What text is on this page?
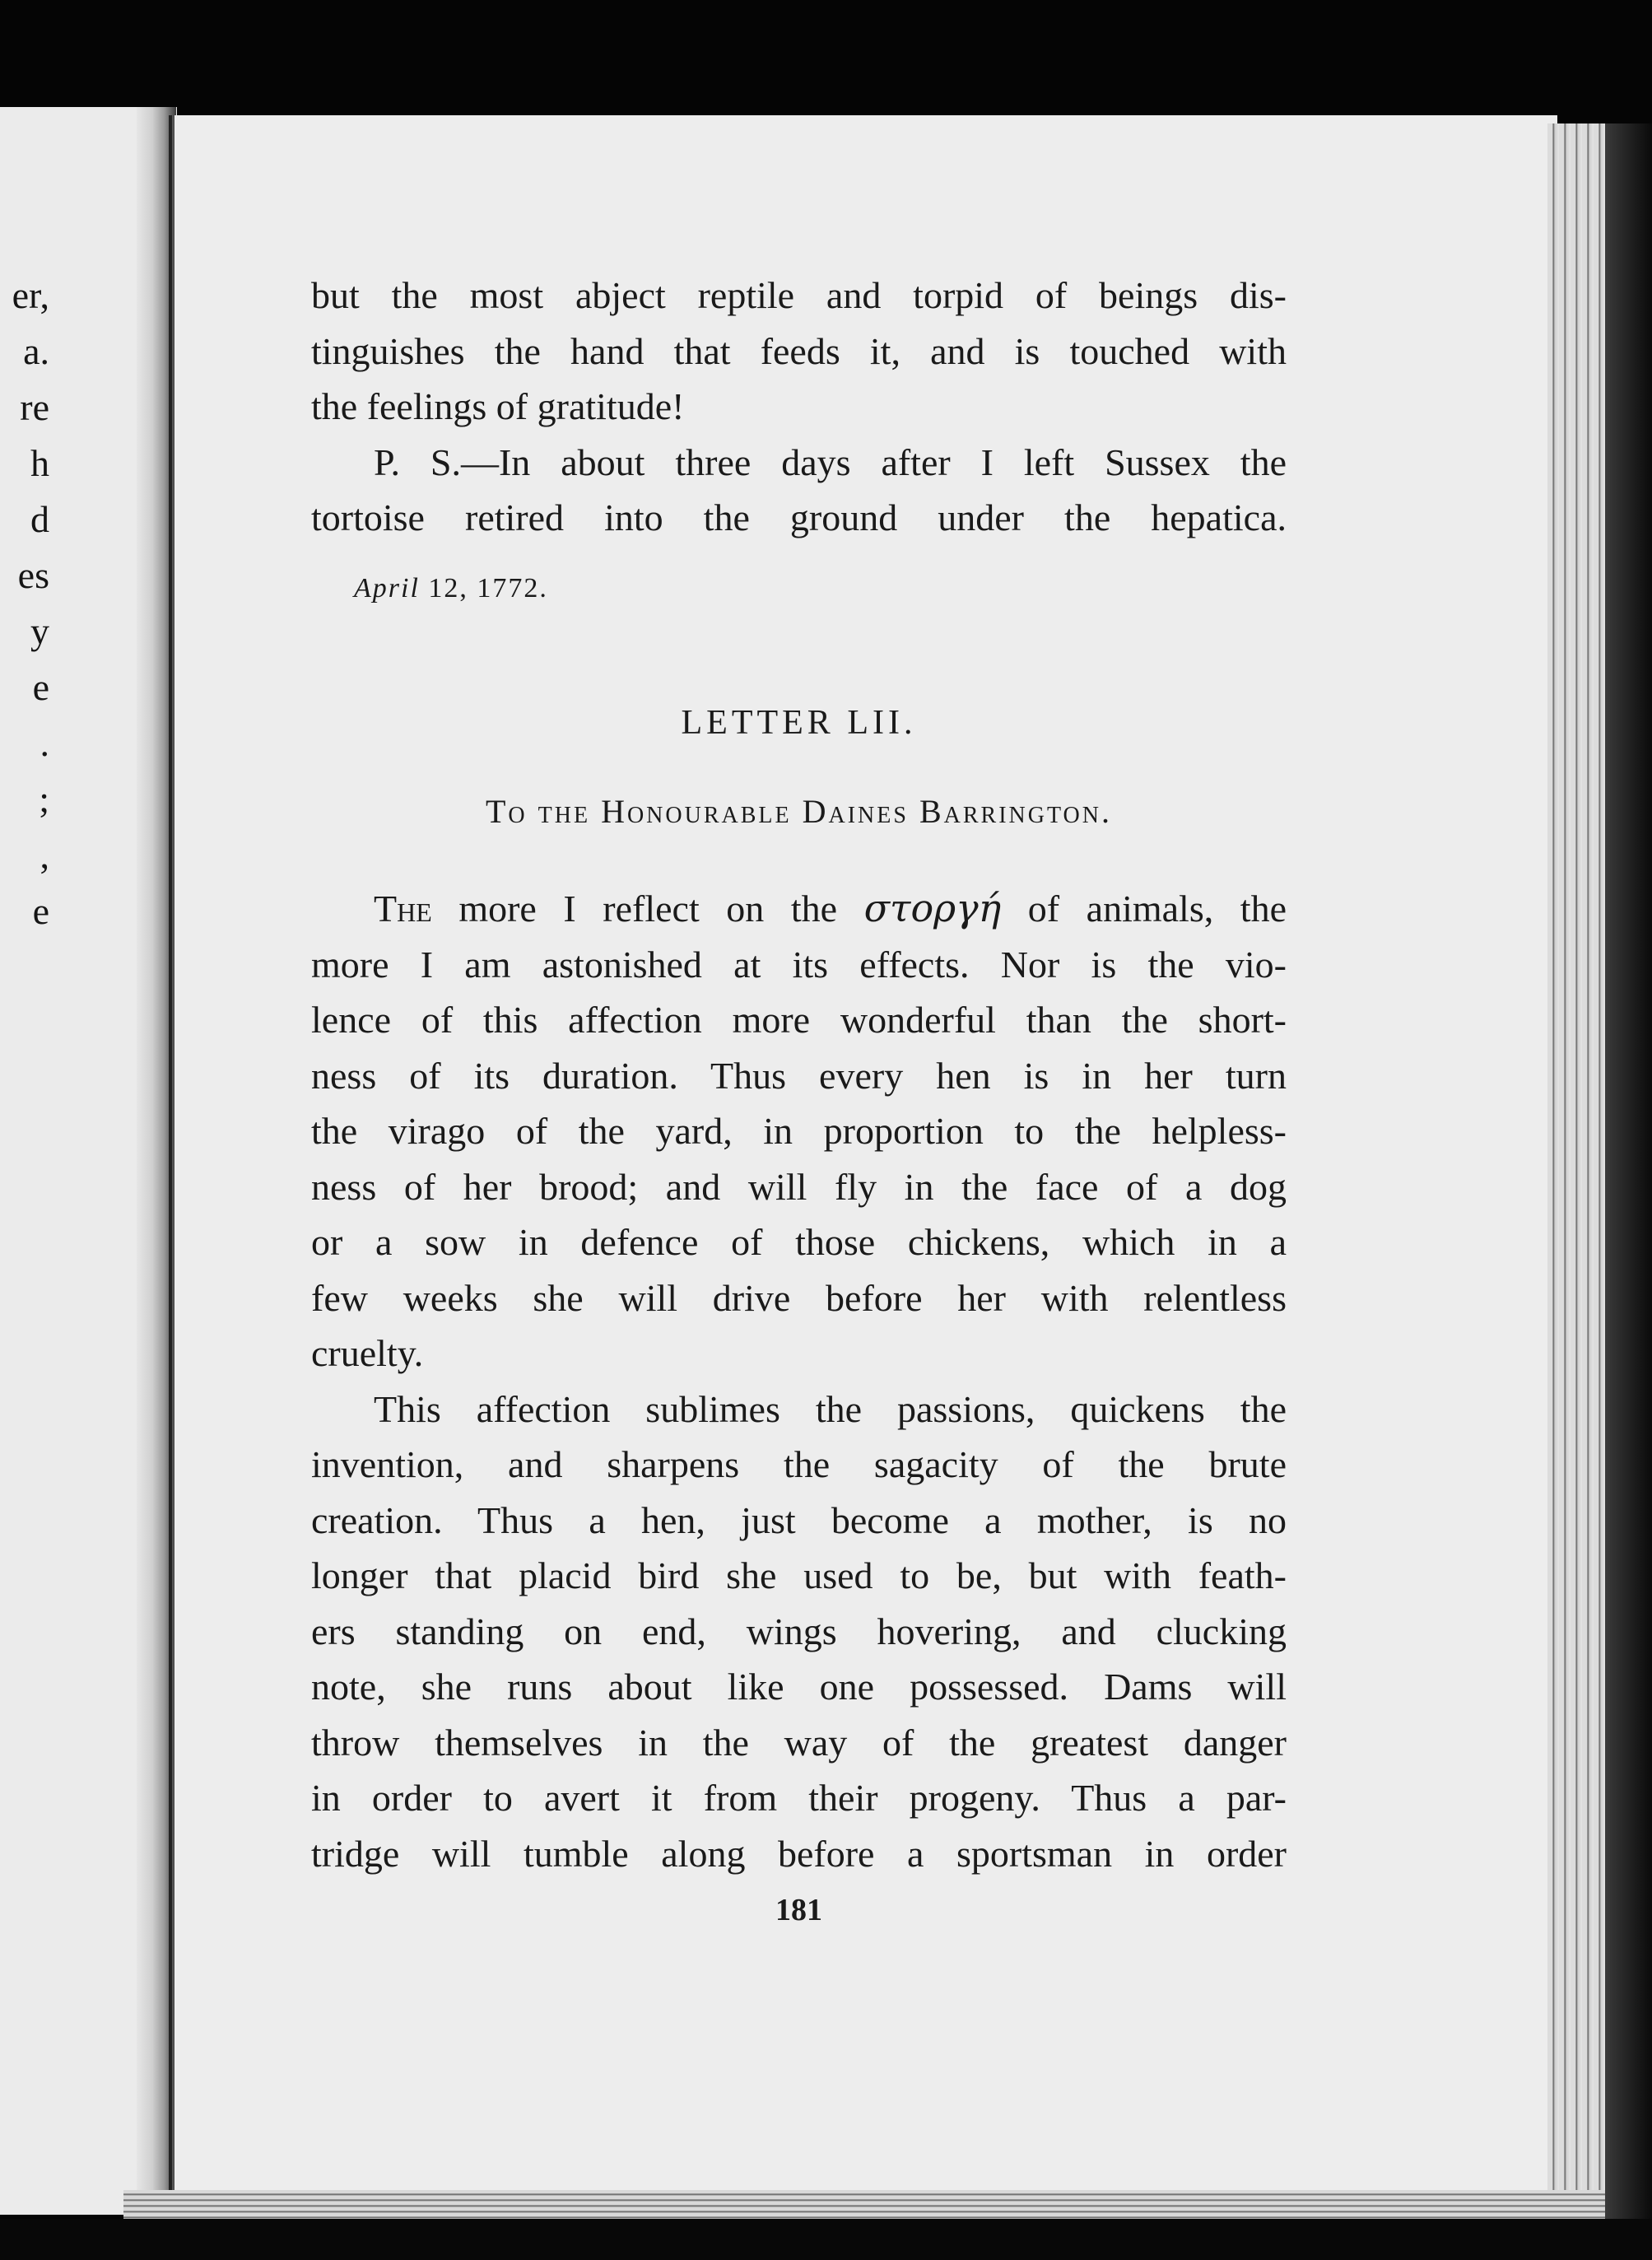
er,
a.
re
h
d
es
y
e
.
;
,
e

but the most abject reptile and torpid of beings dis-
tinguishes the hand that feeds it, and is touched with
the feelings of gratitude!

P. S.—In about three days after I left Sussex the
tortoise retired into the ground under the hepatica.

April 12, 1772.
LETTER LII.
To the Honourable Daines Barrington.

The more I reflect on the στοργή of animals, the
more I am astonished at its effects. Nor is the vio-
lence of this affection more wonderful than the short-
ness of its duration. Thus every hen is in her turn
the virago of the yard, in proportion to the helpless-
ness of her brood; and will fly in the face of a dog
or a sow in defence of those chickens, which in a
few weeks she will drive before her with relentless
cruelty.

This affection sublimes the passions, quickens the
invention, and sharpens the sagacity of the brute
creation. Thus a hen, just become a mother, is no
longer that placid bird she used to be, but with feath-
ers standing on end, wings hovering, and clucking
note, she runs about like one possessed. Dams will
throw themselves in the way of the greatest danger
in order to avert it from their progeny. Thus a par-
tridge will tumble along before a sportsman in order

181
